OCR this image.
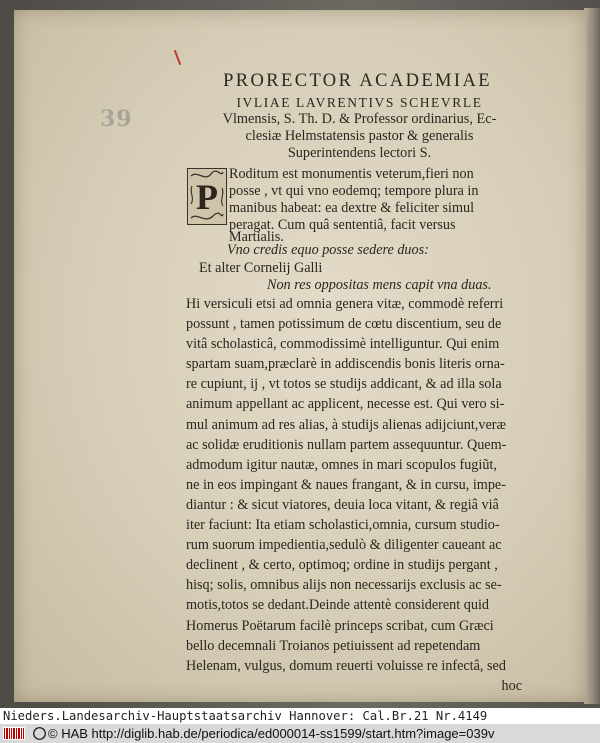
39

PRORECTOR ACADEMIAE

IVLIAE LAVRENTIVS SCHEVRLE

Vlmensis, S. Th. D. & Professor ordinarius, Ec-

clesiæ Helmstatensis pastor & generalis

Superintendens lectori S.

P
Roditum est monumentis veterum,fieri non
posse , vt qui vno eodemq; tempore plura in
manibus habeat: ea dextre & feliciter simul
peragat. Cum quâ sententiâ, facit versus
Martialis.

Vno credis equo posse sedere duos:

Et alter Cornelij Galli

Non res oppositas mens capit vna duas.

Hi versiculi etsi ad omnia genera vitæ, commodè referri

possunt , tamen potissimum de cœtu discentium, seu de

vitâ scholasticâ, commodissimè intelliguntur. Qui enim

spartam suam,præclarè in addiscendis bonis literis orna-

re cupiunt, ij , vt totos se studijs addicant, & ad illa sola

animum appellant ac applicent, necesse est. Qui vero si-

mul animum ad res alias, à studijs alienas adijciunt,veræ

ac solidæ eruditionis nullam partem assequuntur. Quem-

admodum igitur nautæ, omnes in mari scopulos fugiũt,

ne in eos impingant & naues frangant, & in cursu, impe-

diantur : & sicut viatores, deuia loca vitant, & regiâ viâ

iter faciunt: Ita etiam scholastici,omnia, cursum studio-

rum suorum impedientia,sedulò & diligenter caueant ac

declinent , & certo, optimoq; ordine in studijs pergant ,

hisq; solis, omnibus alijs non necessarijs exclusis ac se-

motis,totos se dedant.Deinde attentè considerent quid

Homerus Poëtarum facilè princeps scribat, cum Græci

bello decemnali Troianos petiuissent ad repetendam

Helenam, vulgus, domum reuerti voluisse re infectâ, sed

hoc

Nieders.Landesarchiv-Hauptstaatsarchiv Hannover: Cal.Br.21 Nr.4149
© HAB http://diglib.hab.de/periodica/ed000014-ss1599/start.htm?image=039v
